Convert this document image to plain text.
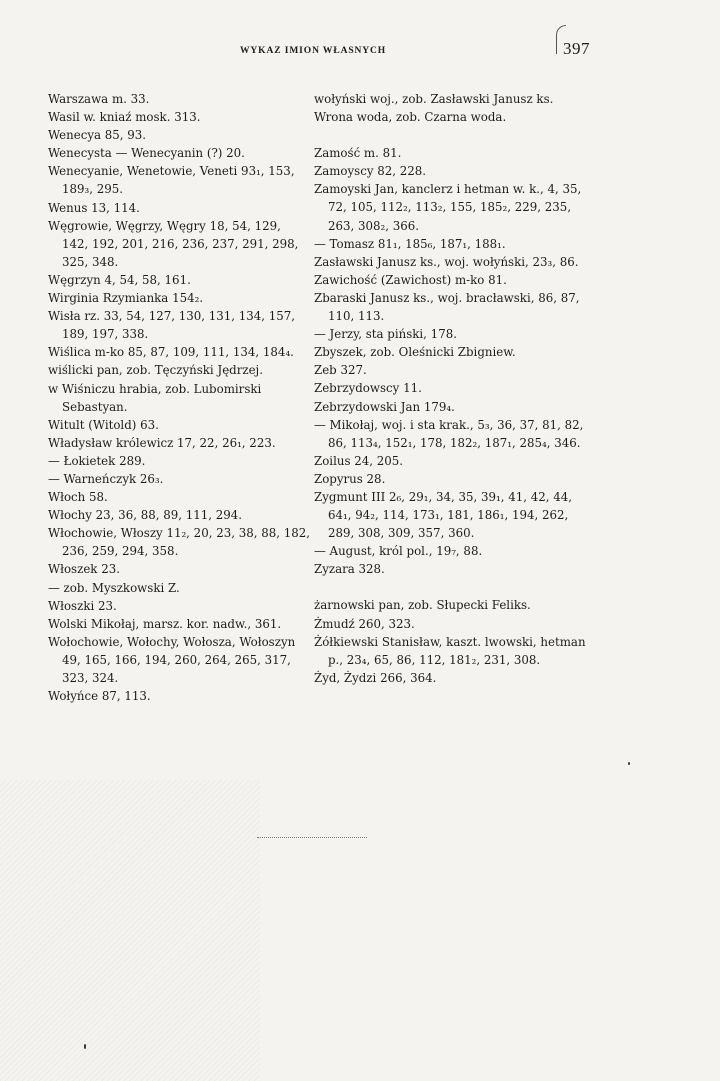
WYKAZ IMION WŁASNYCH	397
Warszawa m. 33.
Wasil w. kniaź mosk. 313.
Wenecya 85, 93.
Wenecysta — Wenecyanin (?) 20.
Wenecyanie, Wenetowie, Veneti 93₁, 153, 189₃, 295.
Wenus 13, 114.
Węgrowie, Węgrzy, Węgry 18, 54, 129, 142, 192, 201, 216, 236, 237, 291, 298, 325, 348.
Węgrzyn 4, 54, 58, 161.
Wirginia Rzymianka 154₂.
Wisła rz. 33, 54, 127, 130, 131, 134, 157, 189, 197, 338.
Wiślica m-ko 85, 87, 109, 111, 134, 184₄.
wiślicki pan, zob. Tęczyński Jędrzej.
w Wiśniczu hrabia, zob. Lubomirski Sebastyan.
Witult (Witold) 63.
Władysław królewicz 17, 22, 26₁, 223.
— Łokietek 289.
— Warneńczyk 26₃.
Włoch 58.
Włochy 23, 36, 88, 89, 111, 294.
Włochowie, Włoszy 11₂, 20, 23, 38, 88, 182, 236, 259, 294, 358.
Włoszek 23.
— zob. Myszkowski Z.
Włoszki 23.
Wolski Mikołaj, marsz. kor. nadw., 361.
Wołochowie, Wołochy, Wołosza, Wołoszyn 49, 165, 166, 194, 260, 264, 265, 317, 323, 324.
Wołyńce 87, 113.
wołyński woj., zob. Zasławski Janusz ks.
Wrona woda, zob. Czarna woda.
Zamość m. 81.
Zamoyscy 82, 228.
Zamoyski Jan, kanclerz i hetman w. k., 4, 35, 72, 105, 112₂, 113₂, 155, 185₂, 229, 235, 263, 308₂, 366.
— Tomasz 81₁, 185₆, 187₁, 188₁.
Zasławski Janusz ks., woj. wołyński, 23₃, 86.
Zawichość (Zawichost) m-ko 81.
Zbaraski Janusz ks., woj. bracławski, 86, 87, 110, 113.
— Jerzy, sta piński, 178.
Zbyszek, zob. Oleśnicki Zbigniew.
Zeb 327.
Zebrzydowscy 11.
Zebrzydowski Jan 179₄.
— Mikołaj, woj. i sta krak., 5₃, 36, 37, 81, 82, 86, 113₄, 152₁, 178, 182₂, 187₁, 285₄, 346.
Zoilus 24, 205.
Zopyrus 28.
Zygmunt III 2₆, 29₁, 34, 35, 39₁, 41, 42, 44, 64₁, 94₂, 114, 173₁, 181, 186₁, 194, 262, 289, 308, 309, 357, 360.
— August, król pol., 19₇, 88.
Zyzara 328.
żarnowski pan, zob. Słupecki Feliks.
Żmudź 260, 323.
Żółkiewski Stanisław, kaszt. lwowski, hetman p., 23₄, 65, 86, 112, 181₂, 231, 308.
Żyd, Żydzi 266, 364.
